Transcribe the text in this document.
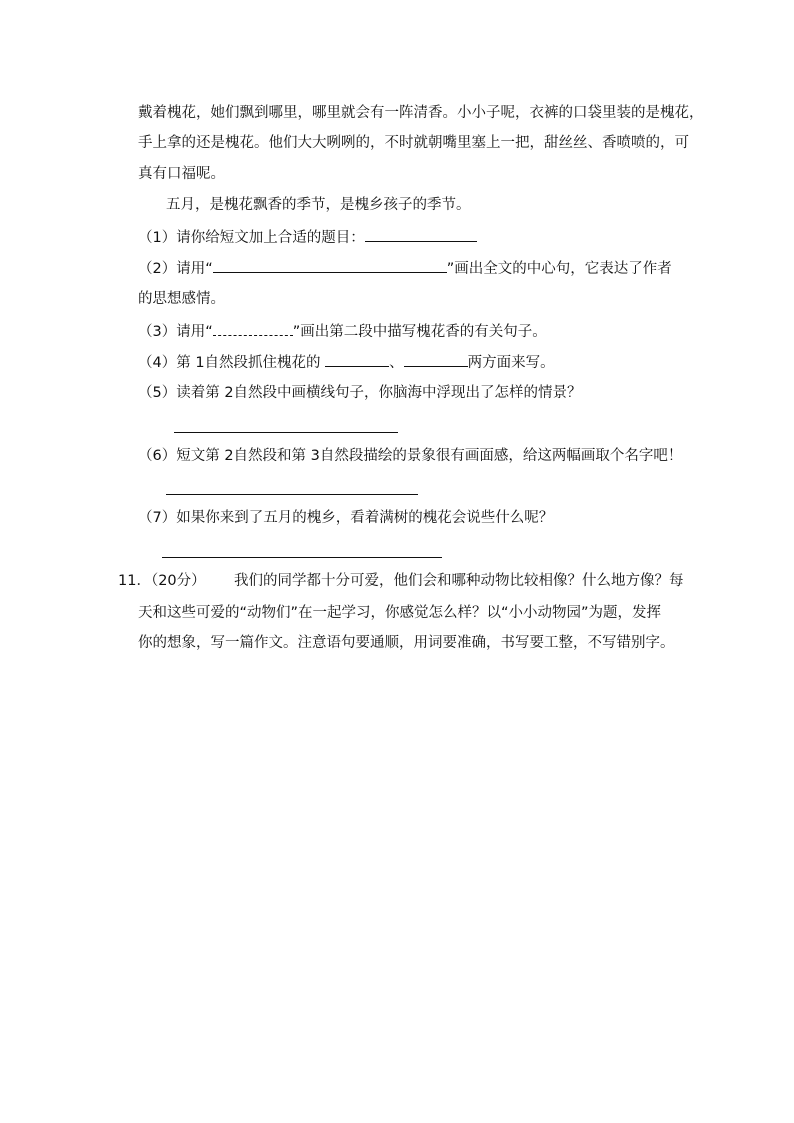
戴着槐花，她们飘到哪里，哪里就会有一阵清香。小小子呢，衣裤的口袋里装的是槐花，
手上拿的还是槐花。他们大大咧咧的，不时就朝嘴里塞上一把，甜丝丝、香喷喷的，可
真有口福呢。
五月，是槐花飘香的季节，是槐乡孩子的季节。
（1）请你给短文加上合适的题目：
（2）请用“	”画出全文的中心句，它表达了作者
的思想感情。
（3）请用“	”画出第二段中描写槐花香的有关句子。
（4）第 1自然段抓住槐花的	、	两方面来写。
（5）读着第 2自然段中画横线句子，你脑海中浮现出了怎样的情景？
（6）短文第 2自然段和第 3自然段描绘的景象很有画面感，给这两幅画取个名字吧！
（7）如果你来到了五月的槐乡，看着满树的槐花会说些什么呢？
11．（20分） 我们的同学都十分可爱，他们会和哪种动物比较相像？什么地方像？每
天和这些可爱的“动物们”在一起学习，你感觉怎么样？以“小小动物园”为题，发挥
你的想象，写一篇作文。注意语句要通顺，用词要准确，书写要工整，不写错别字。
